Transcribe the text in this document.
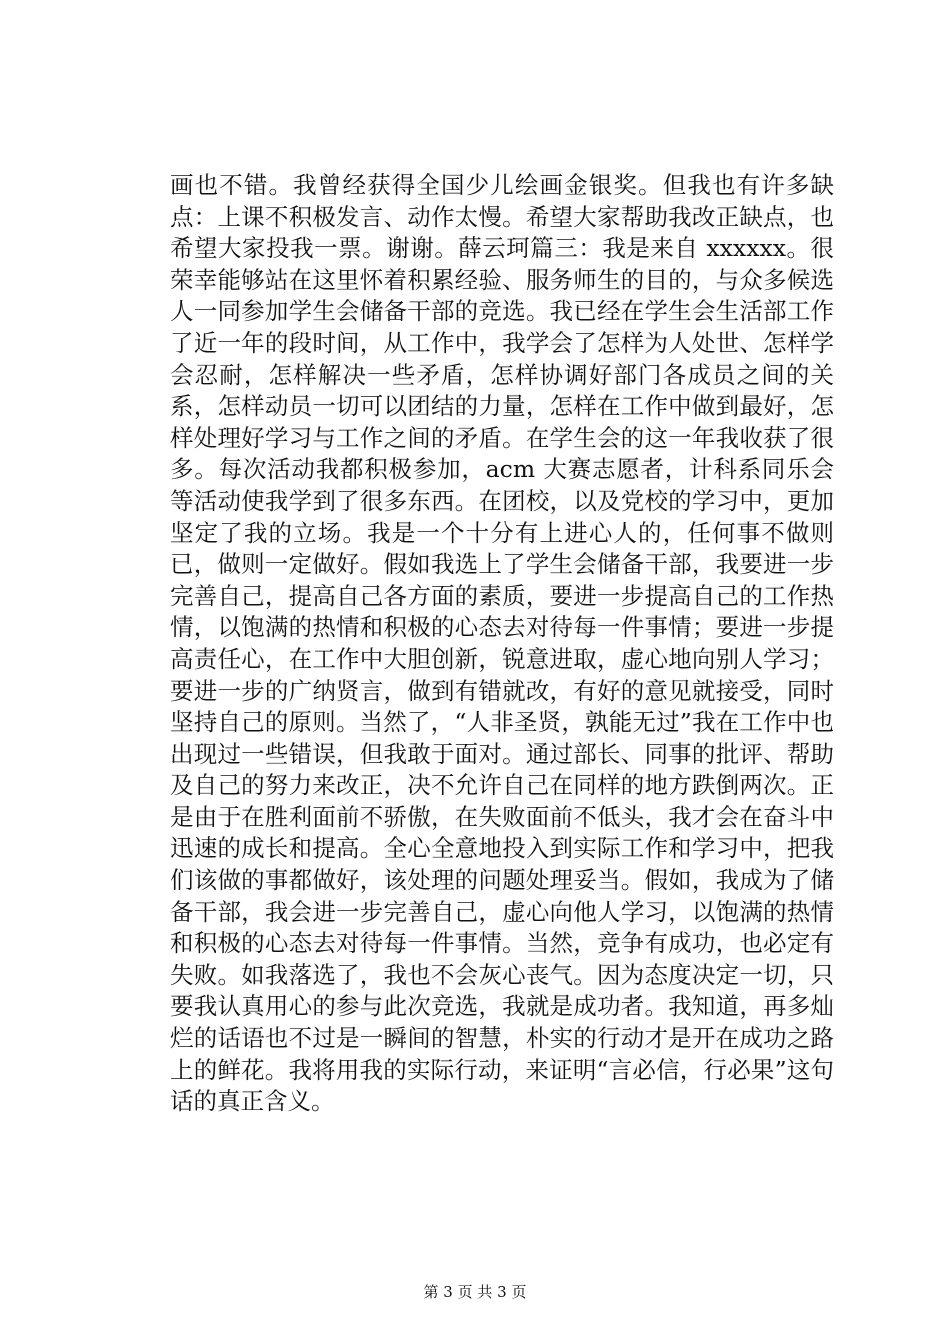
画也不错。我曾经获得全国少儿绘画金银奖。但我也有许多缺点：上课不积极发言、动作太慢。希望大家帮助我改正缺点，也希望大家投我一票。谢谢。薛云珂篇三：我是来自 xxxxxx。很荣幸能够站在这里怀着积累经验、服务师生的目的，与众多候选人一同参加学生会储备干部的竞选。我已经在学生会生活部工作了近一年的段时间，从工作中，我学会了怎样为人处世、怎样学会忍耐，怎样解决一些矛盾，怎样协调好部门各成员之间的关系，怎样动员一切可以团结的力量，怎样在工作中做到最好，怎样处理好学习与工作之间的矛盾。在学生会的这一年我收获了很多。每次活动我都积极参加，acm 大赛志愿者，计科系同乐会等活动使我学到了很多东西。在团校，以及党校的学习中，更加坚定了我的立场。我是一个十分有上进心人的，任何事不做则已，做则一定做好。假如我选上了学生会储备干部，我要进一步完善自己，提高自己各方面的素质，要进一步提高自己的工作热情，以饱满的热情和积极的心态去对待每一件事情；要进一步提高责任心，在工作中大胆创新，锐意进取，虚心地向别人学习；要进一步的广纳贤言，做到有错就改，有好的意见就接受，同时坚持自己的原则。当然了，“人非圣贤，孰能无过”我在工作中也出现过一些错误，但我敢于面对。通过部长、同事的批评、帮助及自己的努力来改正，决不允许自己在同样的地方跌倒两次。正是由于在胜利面前不骄傲，在失败面前不低头，我才会在奋斗中迅速的成长和提高。全心全意地投入到实际工作和学习中，把我们该做的事都做好，该处理的问题处理妥当。假如，我成为了储备干部，我会进一步完善自己，虚心向他人学习，以饱满的热情和积极的心态去对待每一件事情。当然，竞争有成功，也必定有失败。如我落选了，我也不会灰心丧气。因为态度决定一切，只要我认真用心的参与此次竞选，我就是成功者。我知道，再多灿烂的话语也不过是一瞬间的智慧，朴实的行动才是开在成功之路上的鲜花。我将用我的实际行动，来证明“言必信，行必果”这句话的真正含义。

第 3 页 共 3 页
